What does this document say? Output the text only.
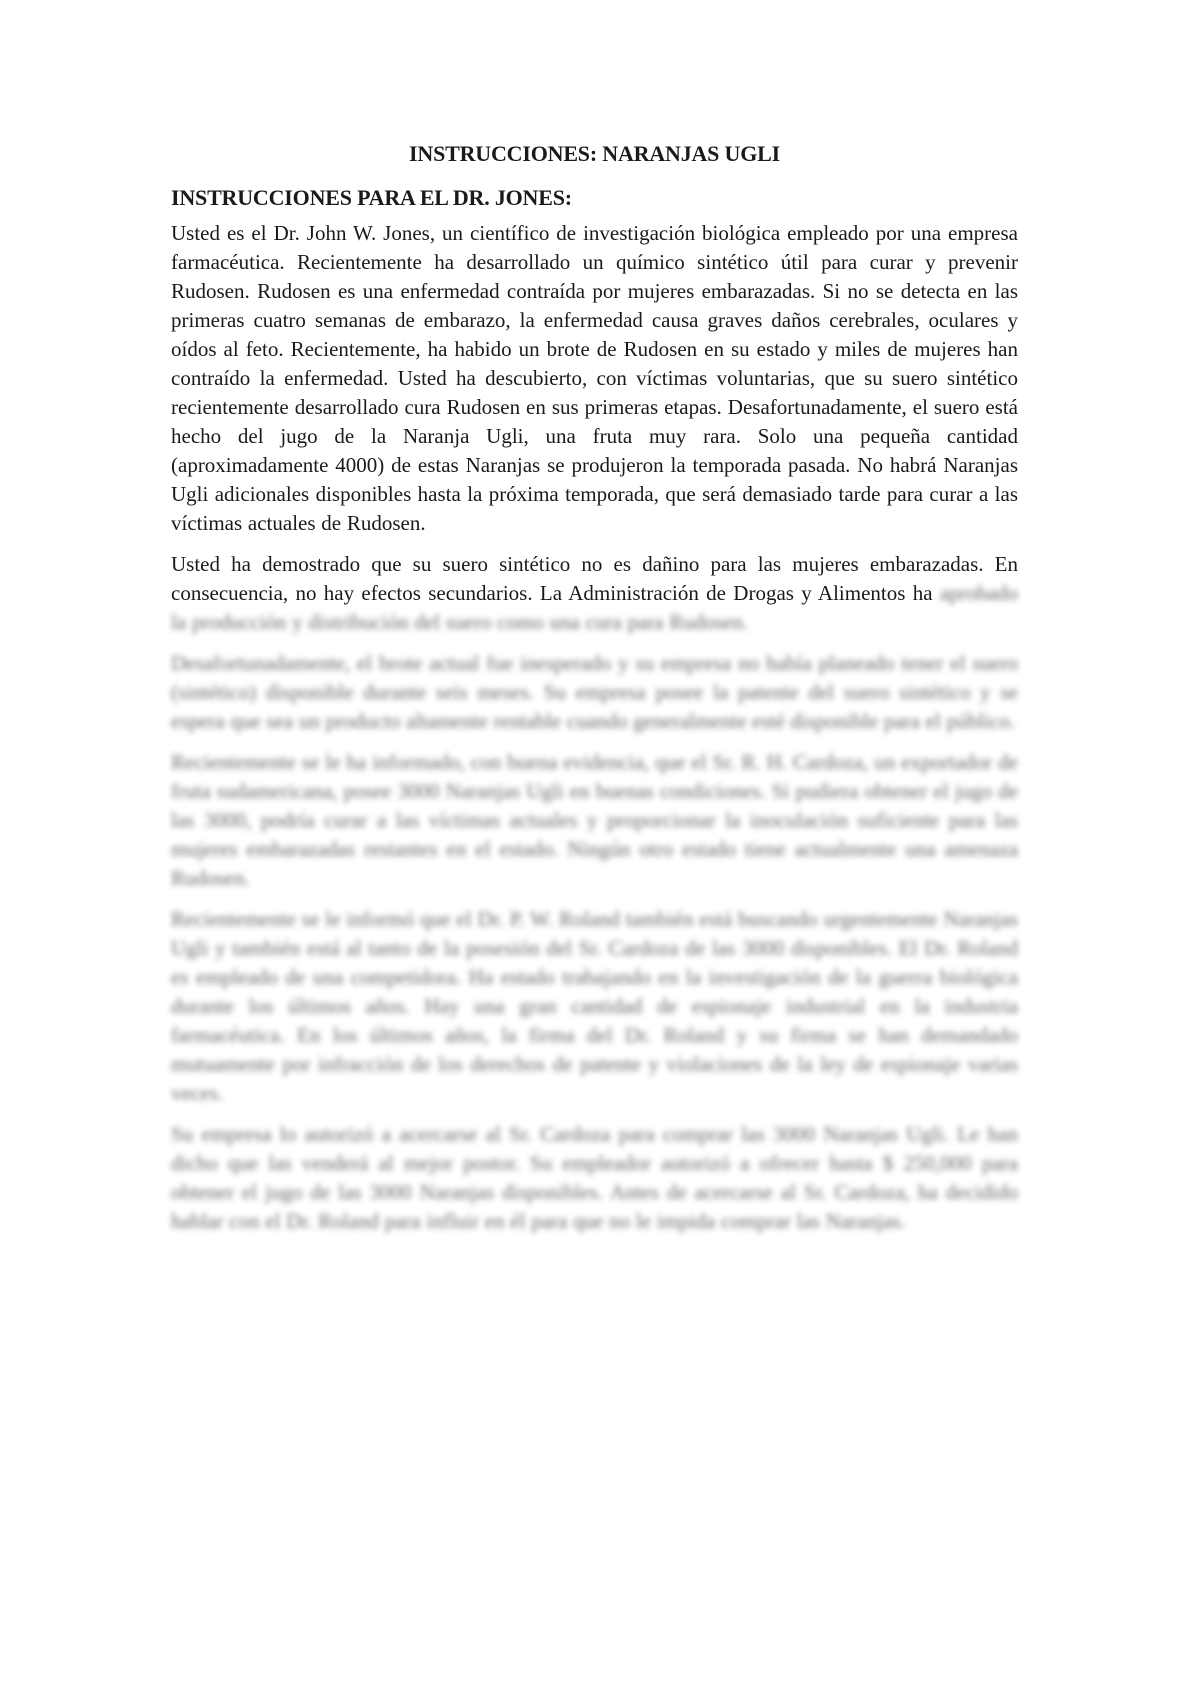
INSTRUCCIONES: NARANJAS UGLI
INSTRUCCIONES PARA EL DR. JONES:

Usted es el Dr. John W. Jones, un científico de investigación biológica empleado por una empresa farmacéutica. Recientemente ha desarrollado un químico sintético útil para curar y prevenir Rudosen. Rudosen es una enfermedad contraída por mujeres embarazadas. Si no se detecta en las primeras cuatro semanas de embarazo, la enfermedad causa graves daños cerebrales, oculares y oídos al feto. Recientemente, ha habido un brote de Rudosen en su estado y miles de mujeres han contraído la enfermedad. Usted ha descubierto, con víctimas voluntarias, que su suero sintético recientemente desarrollado cura Rudosen en sus primeras etapas. Desafortunadamente, el suero está hecho del jugo de la Naranja Ugli, una fruta muy rara. Solo una pequeña cantidad (aproximadamente 4000) de estas Naranjas se produjeron la temporada pasada. No habrá Naranjas Ugli adicionales disponibles hasta la próxima temporada, que será demasiado tarde para curar a las víctimas actuales de Rudosen.

Usted ha demostrado que su suero sintético no es dañino para las mujeres embarazadas. En consecuencia, no hay efectos secundarios. La Administración de Drogas y Alimentos ha aprobado la producción y distribución del suero como una cura para Rudosen.

Desafortunadamente, el brote actual fue inesperado y su empresa no había planeado tener el suero (sintético) disponible durante seis meses. Su empresa posee la patente del suero sintético y se espera que sea un producto altamente rentable cuando generalmente esté disponible para el público.

Recientemente se le ha informado, con buena evidencia, que el Sr. R. H. Cardoza, un exportador de fruta sudamericana, posee 3000 Naranjas Ugli en buenas condiciones. Si pudiera obtener el jugo de las 3000, podría curar a las víctimas actuales y proporcionar la inoculación suficiente para las mujeres embarazadas restantes en el estado. Ningún otro estado tiene actualmente una amenaza Rudosen.

Recientemente se le informó que el Dr. P. W. Roland también está buscando urgentemente Naranjas Ugli y también está al tanto de la posesión del Sr. Cardoza de las 3000 disponibles. El Dr. Roland es empleado de una competidora. Ha estado trabajando en la investigación de la guerra biológica durante los últimos años. Hay una gran cantidad de espionaje industrial en la industria farmacéutica. En los últimos años, la firma del Dr. Roland y su firma se han demandado mutuamente por infracción de los derechos de patente y violaciones de la ley de espionaje varias veces.

Su empresa lo autorizó a acercarse al Sr. Cardoza para comprar las 3000 Naranjas Ugli. Le han dicho que las venderá al mejor postor. Su empleador autorizó a ofrecer hasta $ 250,000 para obtener el jugo de las 3000 Naranjas disponibles. Antes de acercarse al Sr. Cardoza, ha decidido hablar con el Dr. Roland para influir en él para que no le impida comprar las Naranjas.
